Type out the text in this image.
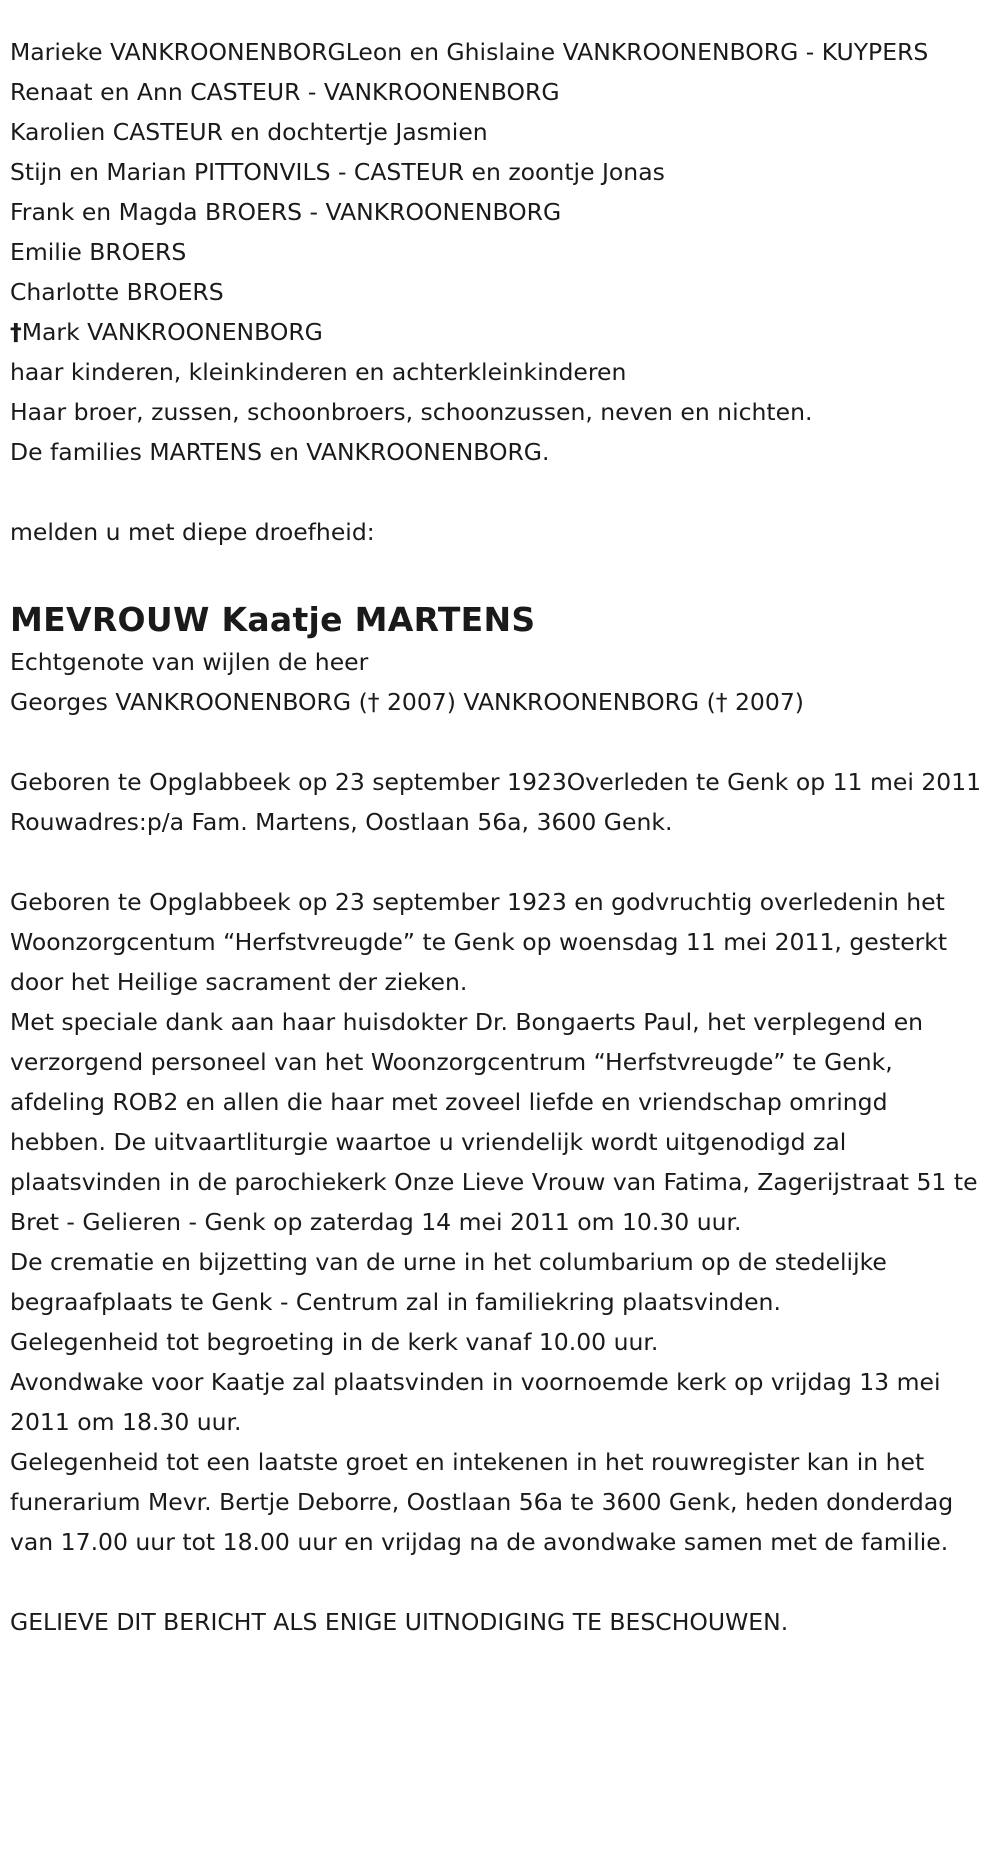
Marieke VANKROONENBORGLeon en Ghislaine VANKROONENBORG - KUYPERS
Renaat en Ann CASTEUR - VANKROONENBORG
Karolien CASTEUR en dochtertje Jasmien
Stijn en Marian PITTONVILS - CASTEUR en zoontje Jonas
Frank en Magda BROERS - VANKROONENBORG
Emilie BROERS
Charlotte BROERS
†Mark VANKROONENBORG
haar kinderen, kleinkinderen en achterkleinkinderen
Haar broer, zussen, schoonbroers, schoonzussen, neven en nichten.
De families MARTENS en VANKROONENBORG.

melden u met diepe droefheid:

MEVROUW Kaatje MARTENS
Echtgenote van wijlen de heer
Georges VANKROONENBORG († 2007) VANKROONENBORG († 2007)
Geboren te Opglabbeek op 23 september 1923Overleden te Genk op 11 mei 2011
Rouwadres:p/a Fam. Martens, Oostlaan 56a, 3600 Genk.
Geboren te Opglabbeek op 23 september 1923 en godvruchtig overledenin het Woonzorgcentum “Herfstvreugde” te Genk op woensdag 11 mei 2011, gesterkt door het Heilige sacrament der zieken.
Met speciale dank aan haar huisdokter Dr. Bongaerts Paul, het verplegend en verzorgend personeel van het Woonzorgcentrum “Herfstvreugde” te Genk, afdeling ROB2 en allen die haar met zoveel liefde en vriendschap omringd hebben. De uitvaartliturgie waartoe u vriendelijk wordt uitgenodigd zal plaatsvinden in de parochiekerk Onze Lieve Vrouw van Fatima, Zagerijstraat 51 te Bret - Gelieren - Genk op zaterdag 14 mei 2011 om 10.30 uur.
De crematie en bijzetting van de urne in het columbarium op de stedelijke begraafplaats te Genk - Centrum zal in familiekring plaatsvinden.
Gelegenheid tot begroeting in de kerk vanaf 10.00 uur.
Avondwake voor Kaatje zal plaatsvinden in voornoemde kerk op vrijdag 13 mei 2011 om 18.30 uur.
Gelegenheid tot een laatste groet en intekenen in het rouwregister kan in het funerarium Mevr. Bertje Deborre, Oostlaan 56a te 3600 Genk, heden donderdag van 17.00 uur tot 18.00 uur en vrijdag na de avondwake samen met de familie.

GELIEVE DIT BERICHT ALS ENIGE UITNODIGING TE BESCHOUWEN.
